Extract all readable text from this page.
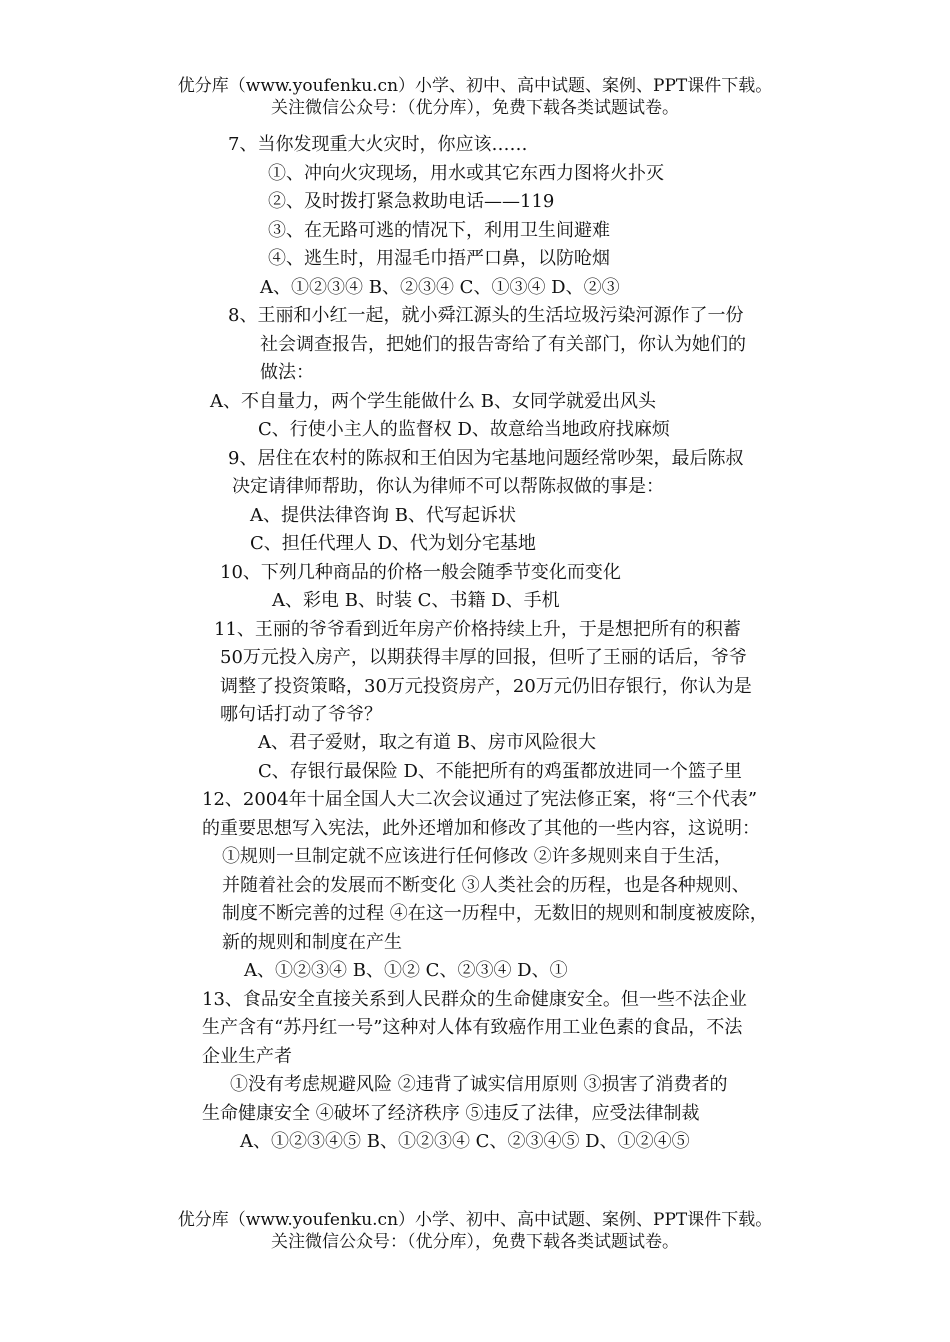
优分库（www.youfenku.cn）小学、初中、高中试题、案例、PPT课件下载。
关注微信公众号：（优分库），免费下载各类试题试卷。
7、当你发现重大火灾时，你应该……
①、冲向火灾现场，用水或其它东西力图将火扑灭
②、及时拨打紧急救助电话——119
③、在无路可逃的情况下，利用卫生间避难
④、逃生时，用湿毛巾捂严口鼻，以防呛烟
A、①②③④ B、②③④ C、①③④ D、②③
8、王丽和小红一起，就小舜江源头的生活垃圾污染河源作了一份
社会调查报告，把她们的报告寄给了有关部门，你认为她们的
做法：
A、不自量力，两个学生能做什么 B、女同学就爱出风头
C、行使小主人的监督权 D、故意给当地政府找麻烦
9、居住在农村的陈叔和王伯因为宅基地问题经常吵架，最后陈叔
决定请律师帮助，你认为律师不可以帮陈叔做的事是：
A、提供法律咨询 B、代写起诉状
C、担任代理人 D、代为划分宅基地
10、下列几种商品的价格一般会随季节变化而变化
A、彩电 B、时装 C、书籍 D、手机
11、王丽的爷爷看到近年房产价格持续上升，于是想把所有的积蓄
50万元投入房产，以期获得丰厚的回报，但听了王丽的话后，爷爷
调整了投资策略，30万元投资房产，20万元仍旧存银行，你认为是
哪句话打动了爷爷？
A、君子爱财，取之有道 B、房市风险很大
C、存银行最保险 D、不能把所有的鸡蛋都放进同一个篮子里
12、2004年十届全国人大二次会议通过了宪法修正案，将“三个代表”
的重要思想写入宪法，此外还增加和修改了其他的一些内容，这说明：
①规则一旦制定就不应该进行任何修改 ②许多规则来自于生活，
并随着社会的发展而不断变化 ③人类社会的历程，也是各种规则、
制度不断完善的过程 ④在这一历程中，无数旧的规则和制度被废除，
新的规则和制度在产生
A、①②③④ B、①② C、②③④ D、①
13、食品安全直接关系到人民群众的生命健康安全。但一些不法企业
生产含有“苏丹红一号”这种对人体有致癌作用工业色素的食品，不法
企业生产者
①没有考虑规避风险 ②违背了诚实信用原则 ③损害了消费者的
生命健康安全 ④破坏了经济秩序 ⑤违反了法律，应受法律制裁
A、①②③④⑤ B、①②③④ C、②③④⑤ D、①②④⑤
优分库（www.youfenku.cn）小学、初中、高中试题、案例、PPT课件下载。
关注微信公众号：（优分库），免费下载各类试题试卷。
